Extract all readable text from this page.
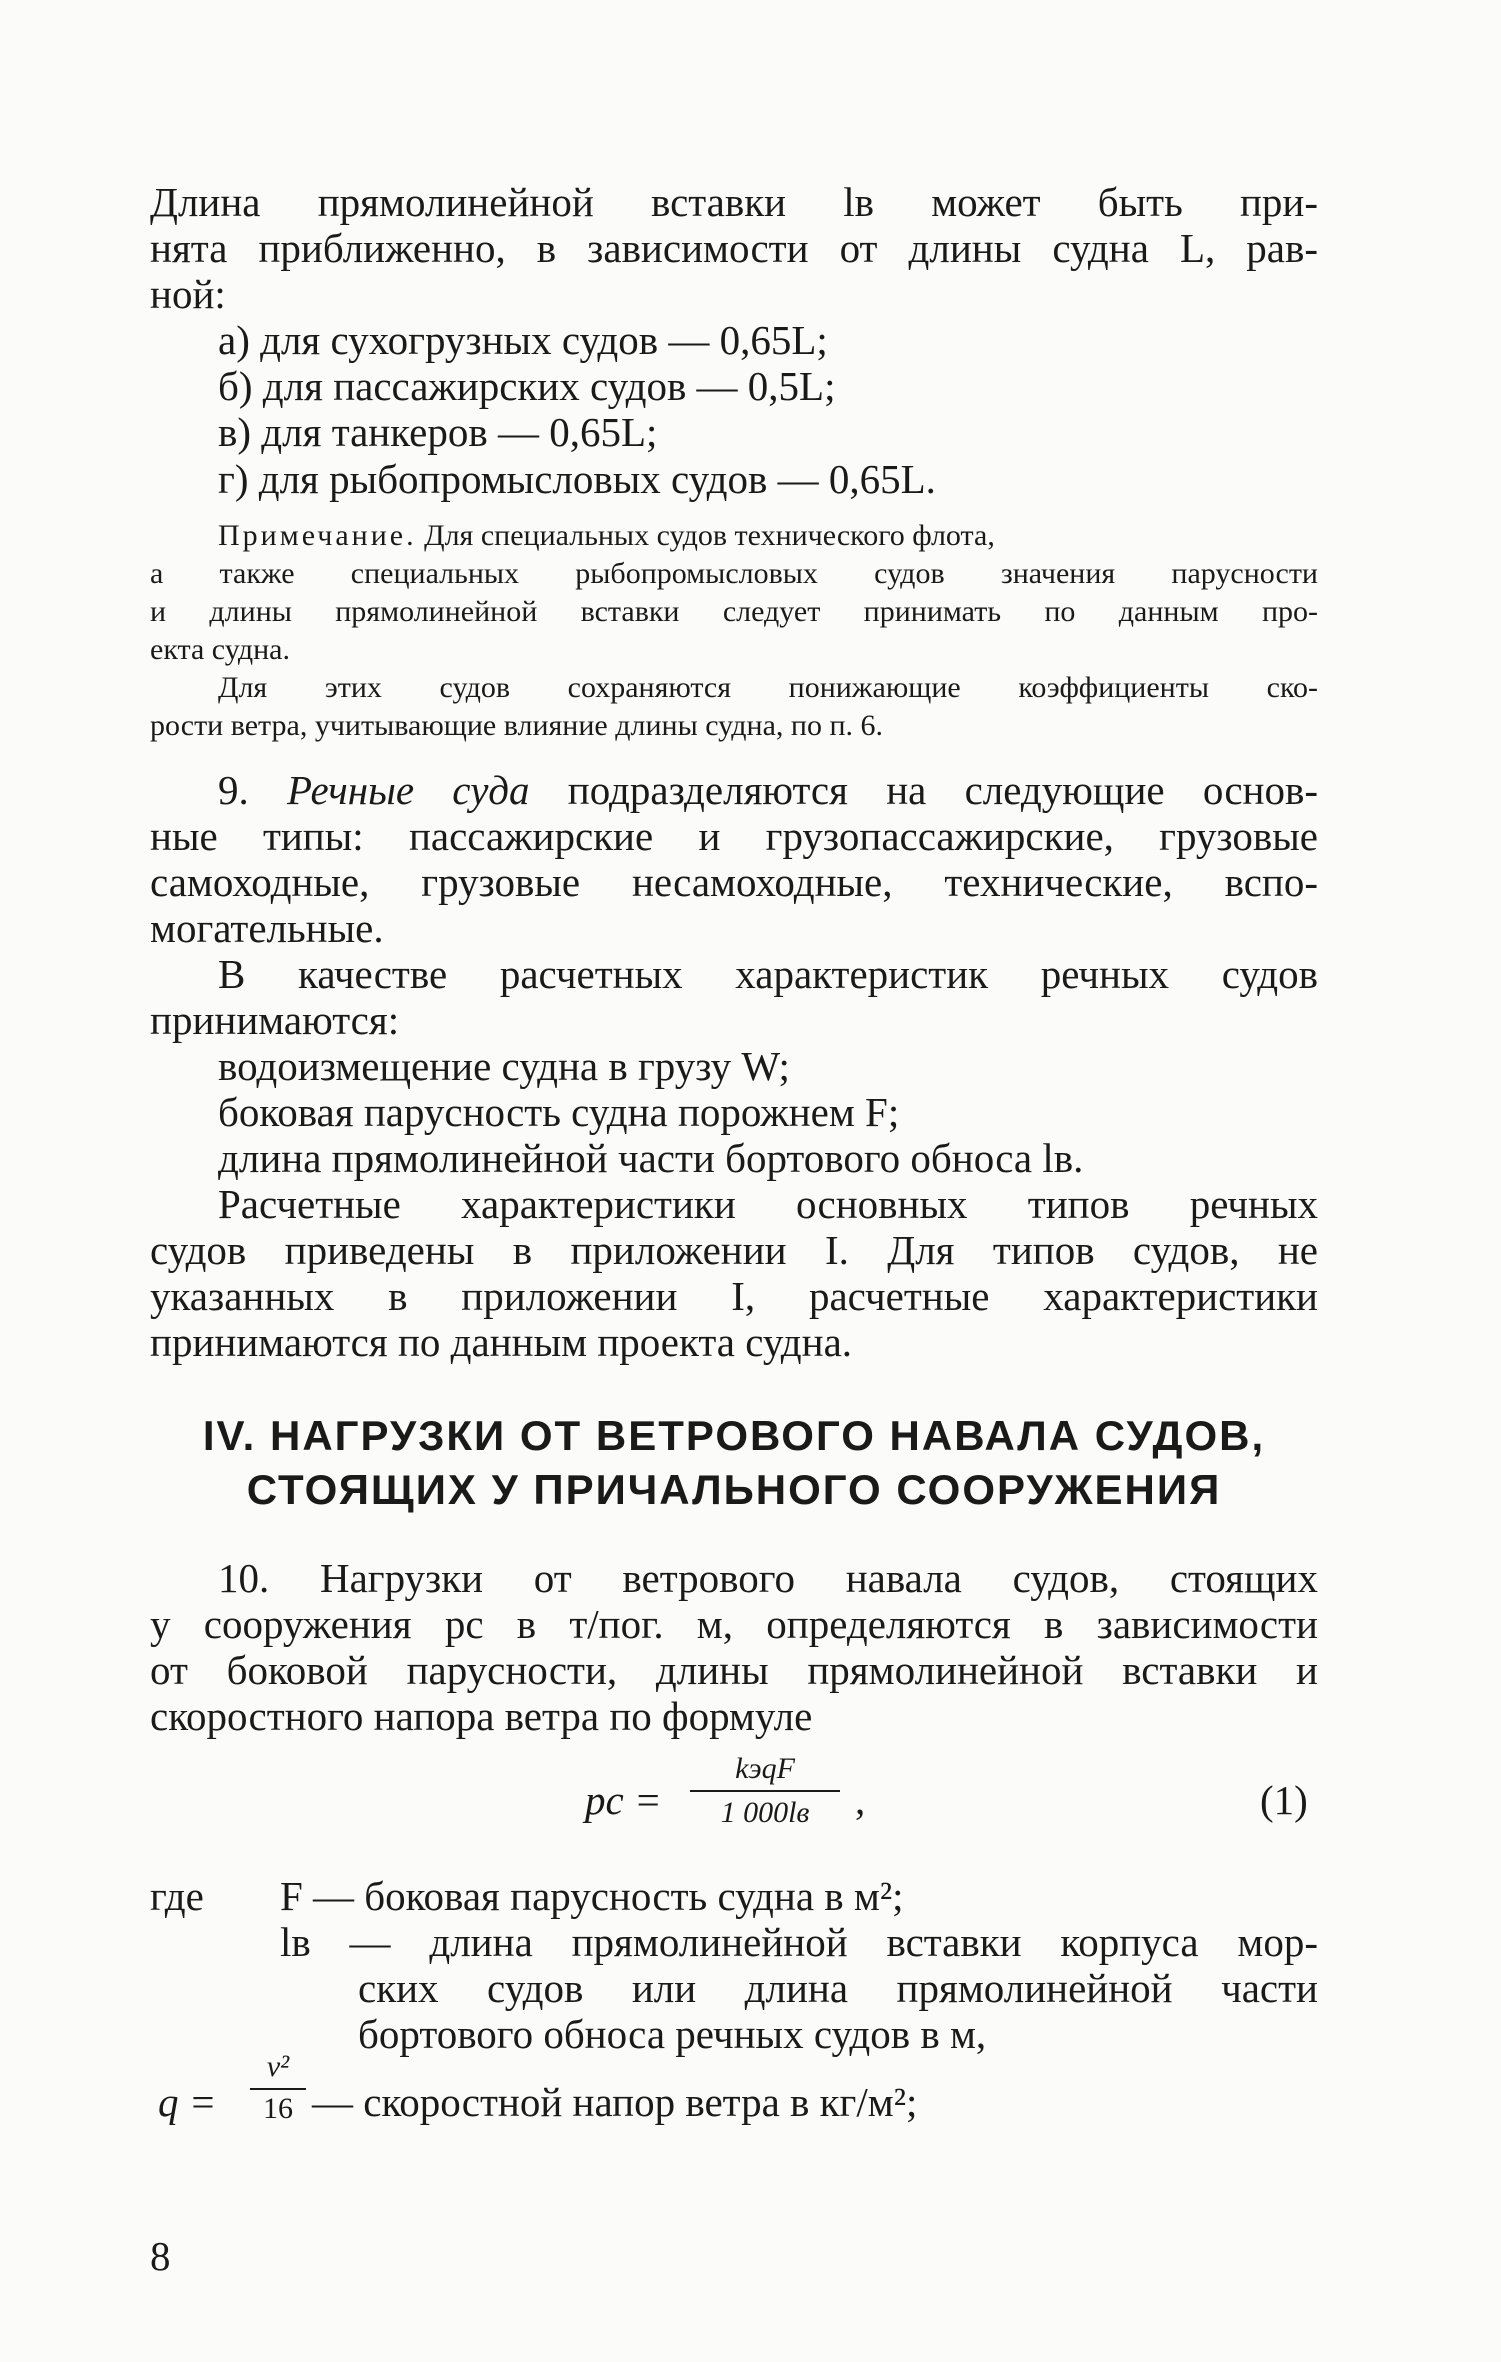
Длина прямолинейной вставки lв может быть при-
нята приближенно, в зависимости от длины судна L, рав-
ной:
а) для сухогрузных судов — 0,65L;
б) для пассажирских судов — 0,5L;
в) для танкеров — 0,65L;
г) для рыбопромысловых судов — 0,65L.
Примечание. Для специальных судов технического флота,
а также специальных рыбопромысловых судов значения парусности
и длины прямолинейной вставки следует принимать по данным про-
екта судна.
Для этих судов сохраняются понижающие коэффициенты ско-
рости ветра, учитывающие влияние длины судна, по п. 6.
9. Речные суда подразделяются на следующие основ-
ные типы: пассажирские и грузопассажирские, грузовые
самоходные, грузовые несамоходные, технические, вспо-
могательные.
В качестве расчетных характеристик речных судов
принимаются:
водоизмещение судна в грузу W;
боковая парусность судна порожнем F;
длина прямолинейной части бортового обноса lв.
Расчетные характеристики основных типов речных
судов приведены в приложении I. Для типов судов, не
указанных в приложении I, расчетные характеристики
принимаются по данным проекта судна.
IV. НАГРУЗКИ ОТ ВЕТРОВОГО НАВАЛА СУДОВ,
СТОЯЩИХ У ПРИЧАЛЬНОГО СООРУЖЕНИЯ
10. Нагрузки от ветрового навала судов, стоящих
у сооружения pс в т/пог. м, определяются в зависимости
от боковой парусности, длины прямолинейной вставки и
скоростного напора ветра по формуле
pс =
kэqF
1 000lв	,	(1)
где F — боковая парусность судна в м²;
lв — длина прямолинейной вставки корпуса мор-
ских судов или длина прямолинейной части
бортового обноса речных судов в м,
q =
v²
16 — скоростной напор ветра в кг/м²;
8
